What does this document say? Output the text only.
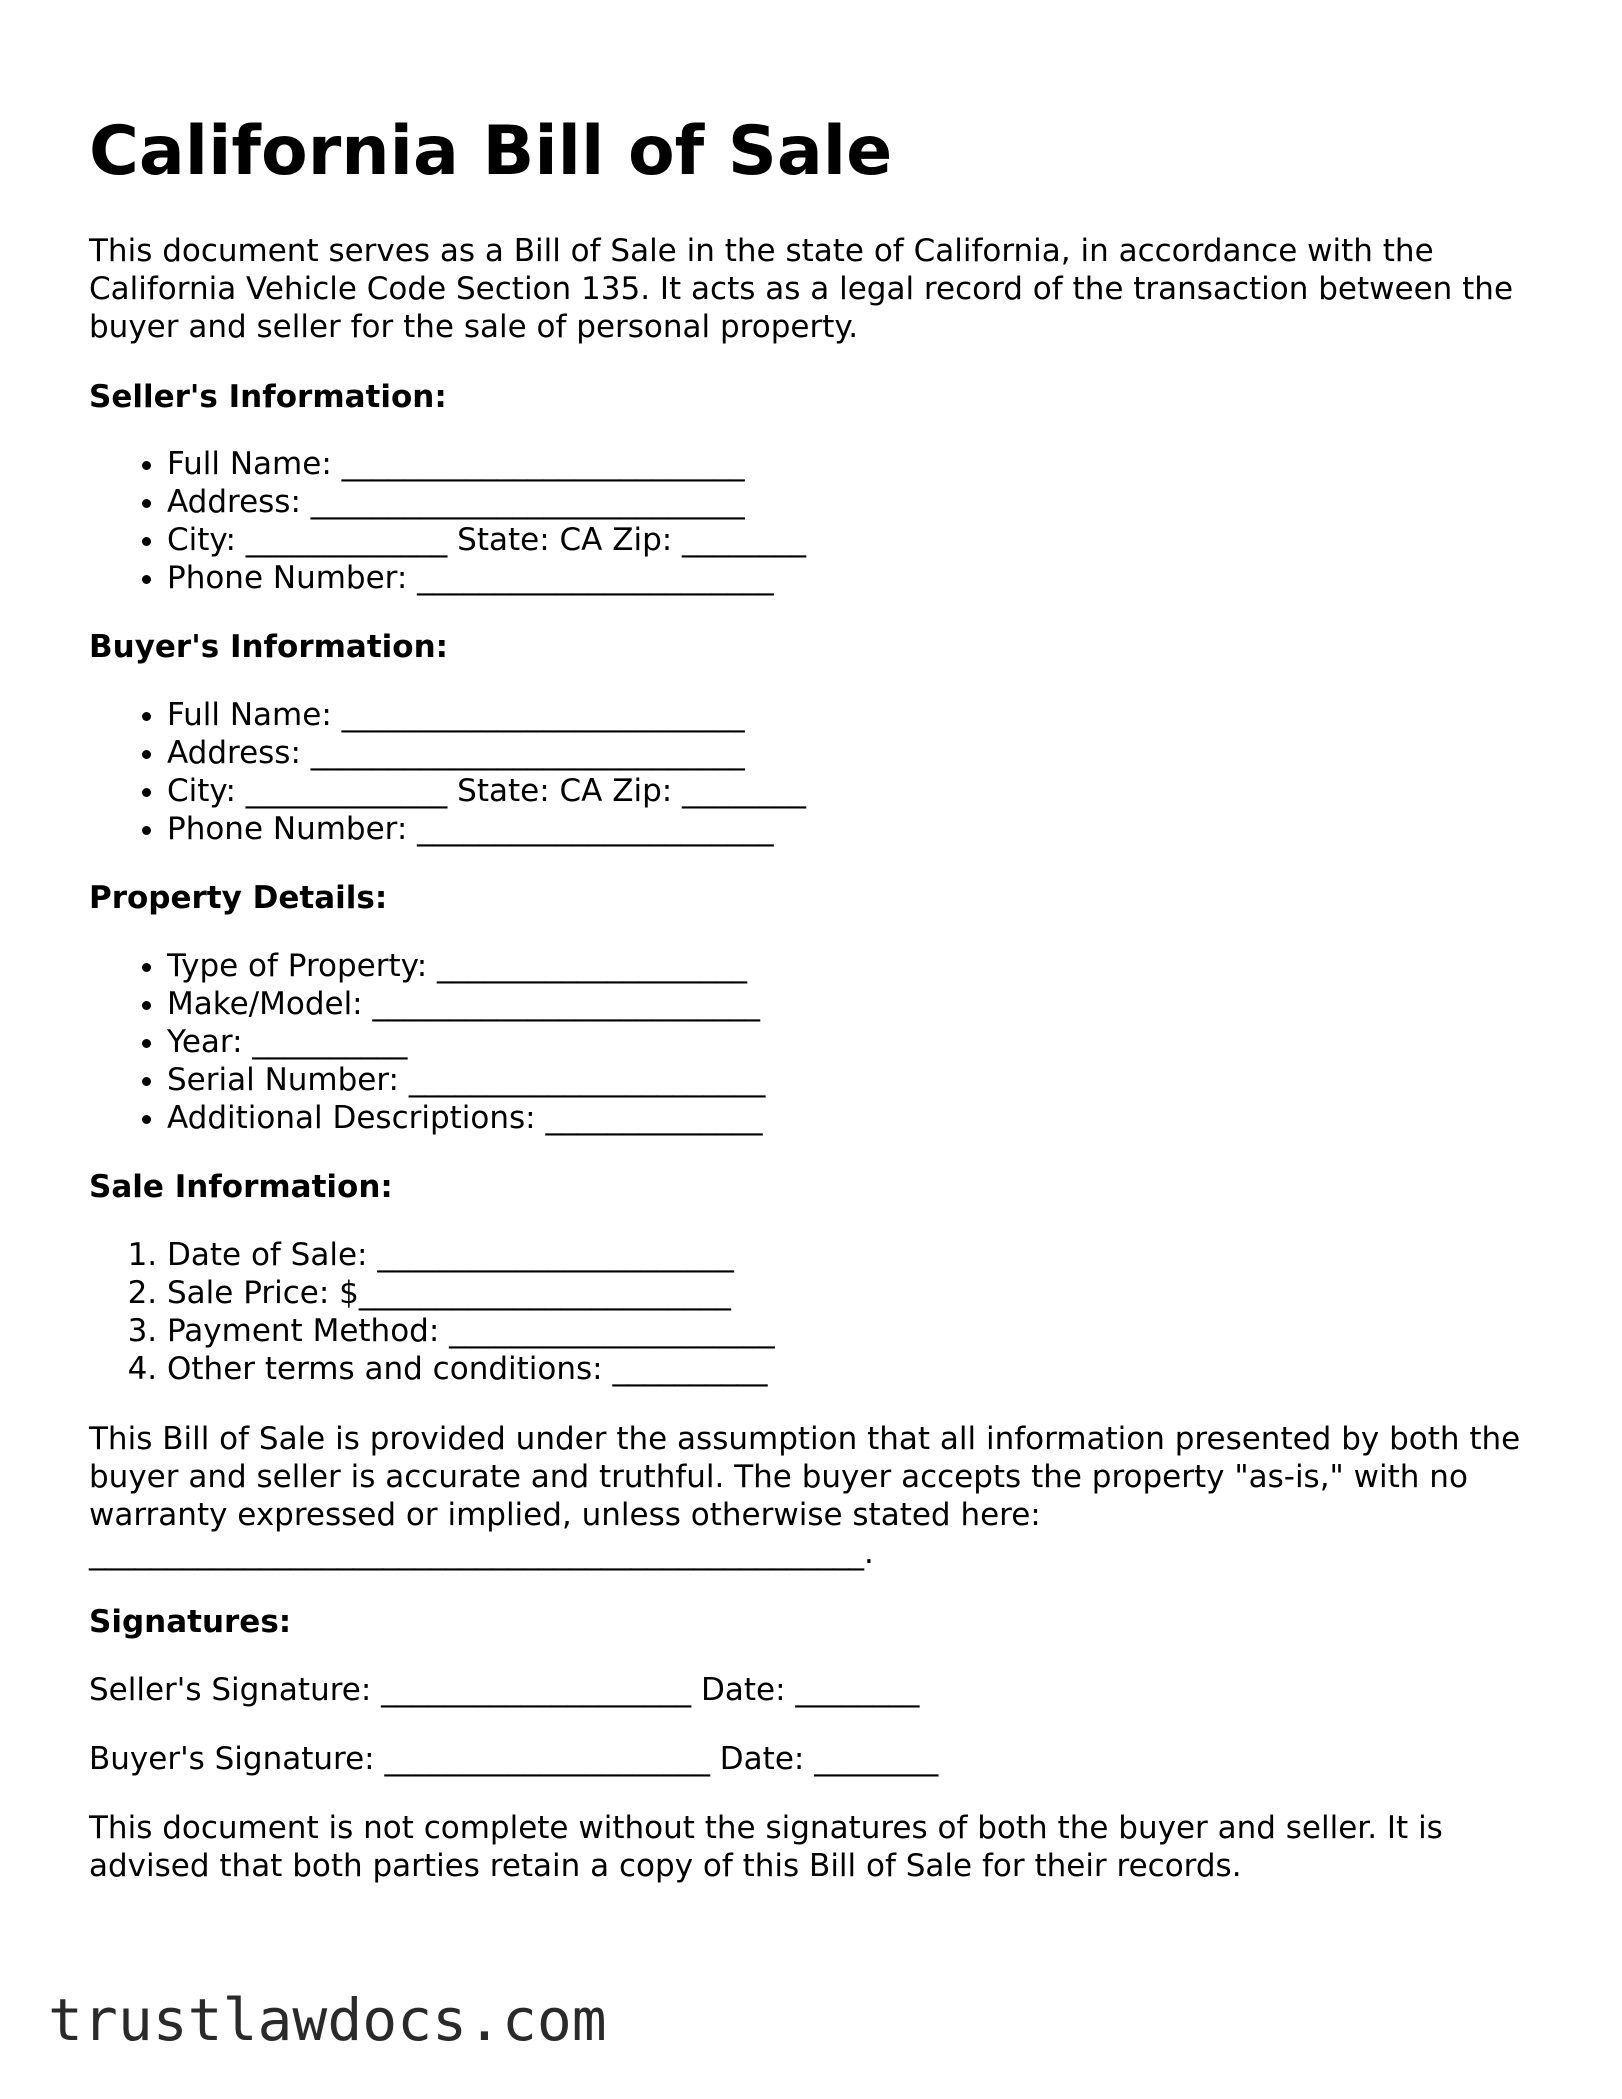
California Bill of Sale

This document serves as a Bill of Sale in the state of California, in accordance with the California Vehicle Code Section 135. It acts as a legal record of the transaction between the buyer and seller for the sale of personal property.

Seller's Information:
• Full Name: __________________________
• Address: ____________________________
• City: _____________ State: CA Zip: ________
• Phone Number: _______________________
Buyer's Information:
• Full Name: __________________________
• Address: ____________________________
• City: _____________ State: CA Zip: ________
• Phone Number: _______________________
Property Details:
• Type of Property: ____________________
• Make/Model: _________________________
• Year: __________
• Serial Number: _______________________
• Additional Descriptions: ______________
Sale Information:
1. Date of Sale: _______________________
2. Sale Price: $________________________
3. Payment Method: _____________________
4. Other terms and conditions: __________

This Bill of Sale is provided under the assumption that all information presented by both the buyer and seller is accurate and truthful. The buyer accepts the property "as-is," with no warranty expressed or implied, unless otherwise stated here: __________________________________________________.

Signatures:
Seller's Signature: ____________________ Date: ________
Buyer's Signature: _____________________ Date: ________

This document is not complete without the signatures of both the buyer and seller. It is advised that both parties retain a copy of this Bill of Sale for their records.

trustlawdocs.com
